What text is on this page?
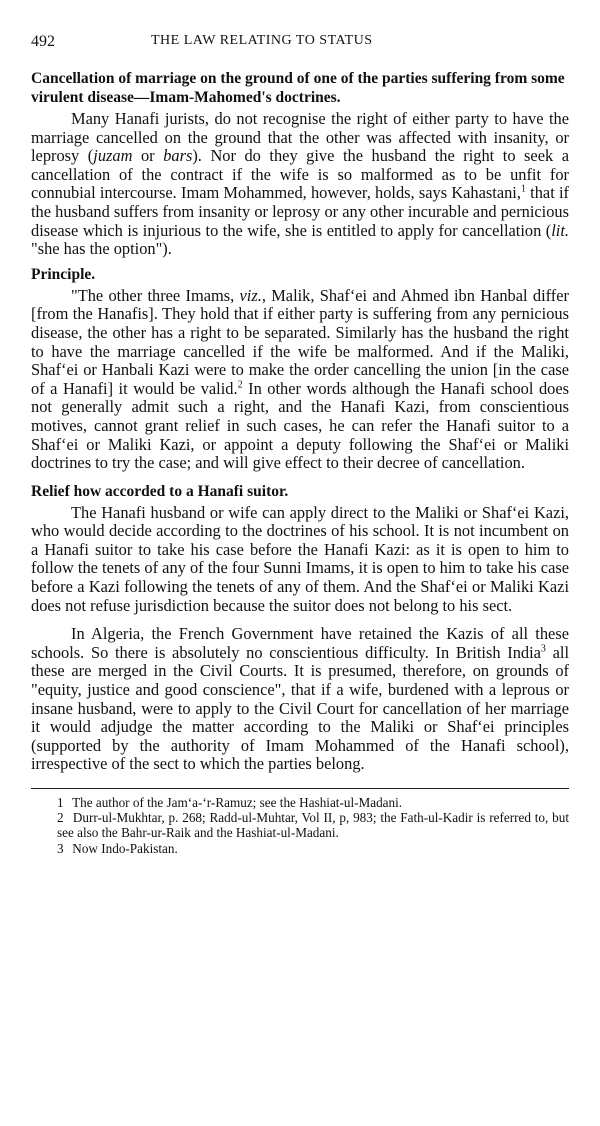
492	THE LAW RELATING TO STATUS
Cancellation of marriage on the ground of one of the parties suffering from some virulent disease—Imam-Mahomed's doctrines.

Many Hanafi jurists, do not recognise the right of either party to have the marriage cancelled on the ground that the other was affected with insanity, or leprosy (juzam or bars). Nor do they give the husband the right to seek a cancellation of the contract if the wife is so malformed as to be unfit for connubial intercourse. Imam Mohammed, however, holds, says Kahastani,$^1$ that if the husband suffers from insanity or leprosy or any other incurable and pernicious disease which is injurious to the wife, she is entitled to apply for cancellation (lit. "she has the option").

Principle.

"The other three Imams, viz., Malik, Shaf‘ei and Ahmed ibn Hanbal differ [from the Hanafis]. They hold that if either party is suffering from any pernicious disease, the other has a right to be separated. Similarly has the husband the right to have the marriage cancelled if the wife be malformed. And if the Maliki, Shaf‘ei or Hanbali Kazi were to make the order cancelling the union [in the case of a Hanafi] it would be valid.$^2$ In other words although the Hanafi school does not generally admit such a right, and the Hanafi Kazi, from conscientious motives, cannot grant relief in such cases, he can refer the Hanafi suitor to a Shaf‘ei or Maliki Kazi, or appoint a deputy following the Shaf‘ei or Maliki doctrines to try the case; and will give effect to their decree of cancellation.

Relief how accorded to a Hanafi suitor.

The Hanafi husband or wife can apply direct to the Maliki or Shaf‘ei Kazi, who would decide according to the doctrines of his school. It is not incumbent on a Hanafi suitor to take his case before the Hanafi Kazi: as it is open to him to follow the tenets of any of the four Sunni Imams, it is open to him to take his case before a Kazi following the tenets of any of them. And the Shaf‘ei or Maliki Kazi does not refuse jurisdiction because the suitor does not belong to his sect.

In Algeria, the French Government have retained the Kazis of all these schools. So there is absolutely no conscientious difficulty. In British India$^3$ all these are merged in the Civil Courts. It is presumed, therefore, on grounds of "equity, justice and good conscience", that if a wife, burdened with a leprous or insane husband, were to apply to the Civil Court for cancellation of her marriage it would adjudge the matter according to the Maliki or Shaf‘ei principles (supported by the authority of Imam Mohammed of the Hanafi school), irrespective of the sect to which the parties belong.

1 The author of the Jam‘a-‘r-Ramuz; see the Hashiat-ul-Madani.

2 Durr-ul-Mukhtar, p. 268; Radd-ul-Muhtar, Vol II, p, 983; the Fath-ul-Kadir is referred to, but see also the Bahr-ur-Raik and the Hashiat-ul-Madani.

3 Now Indo-Pakistan.
